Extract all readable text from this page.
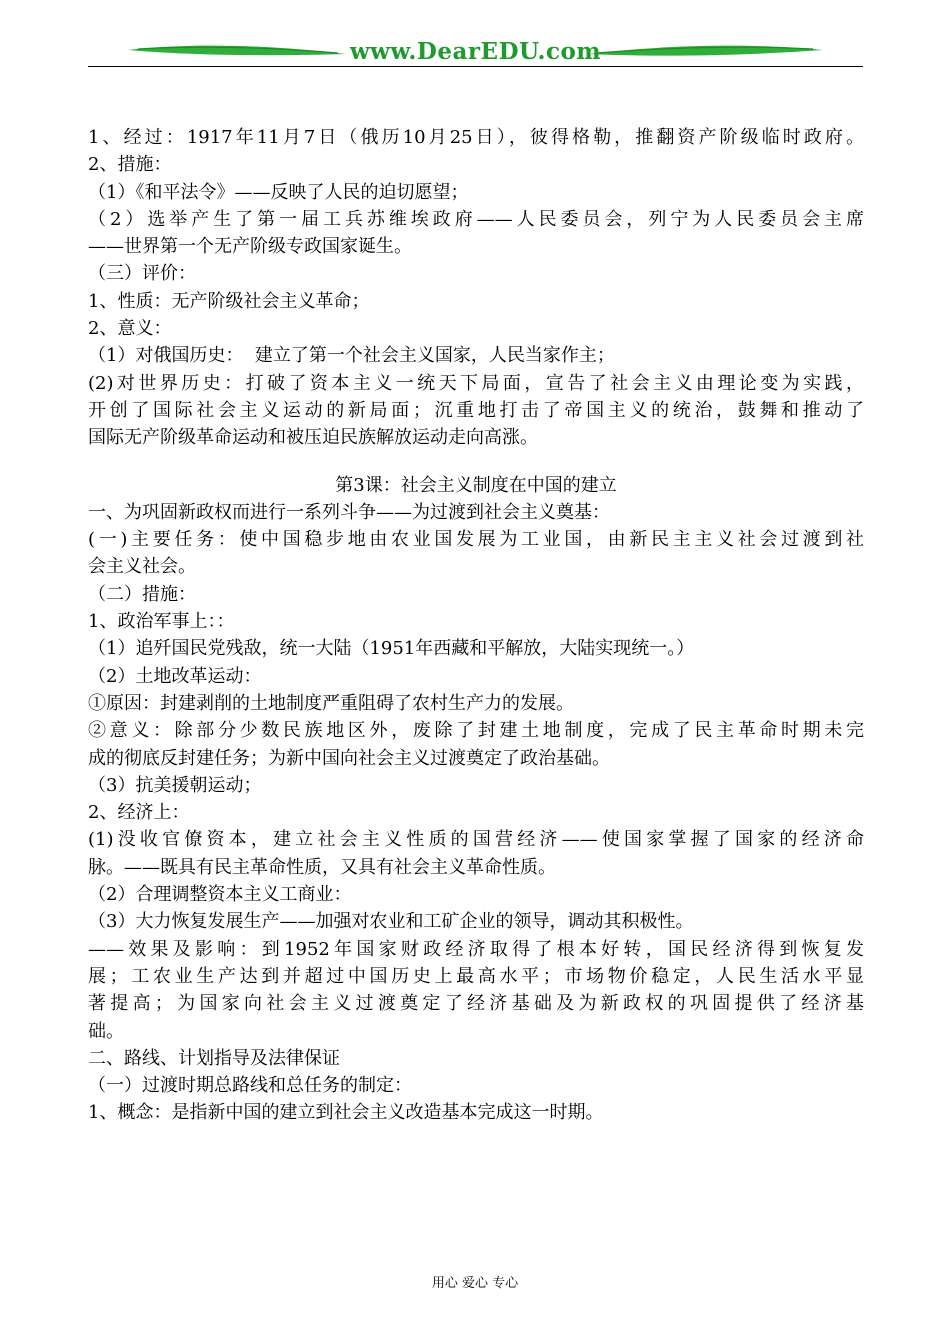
www.DearEDU.com
1、经过：1917年11月7日（俄历10月25日），彼得格勒，推翻资产阶级临时政府。
2、措施：
（1）《和平法令》——反映了人民的迫切愿望；
（2）选举产生了第一届工兵苏维埃政府——人民委员会，列宁为人民委员会主席
——世界第一个无产阶级专政国家诞生。
（三）评价：
1、性质：无产阶级社会主义革命；
2、意义：
（1）对俄国历史：  建立了第一个社会主义国家，人民当家作主；
(2)对世界历史：打破了资本主义一统天下局面，宣告了社会主义由理论变为实践，
开创了国际社会主义运动的新局面；沉重地打击了帝国主义的统治，鼓舞和推动了
国际无产阶级革命运动和被压迫民族解放运动走向高涨。
第3课：社会主义制度在中国的建立
一、为巩固新政权而进行一系列斗争——为过渡到社会主义奠基：
(一)主要任务：使中国稳步地由农业国发展为工业国，由新民主主义社会过渡到社
会主义社会。
（二）措施：
1、政治军事上：：
（1）追歼国民党残敌，统一大陆（1951年西藏和平解放，大陆实现统一。）
（2）土地改革运动：
①原因：封建剥削的土地制度严重阻碍了农村生产力的发展。
②意义：除部分少数民族地区外，废除了封建土地制度，完成了民主革命时期未完
成的彻底反封建任务；为新中国向社会主义过渡奠定了政治基础。
（3）抗美援朝运动；
2、经济上：
(1)没收官僚资本，建立社会主义性质的国营经济——使国家掌握了国家的经济命
脉。——既具有民主革命性质，又具有社会主义革命性质。
（2）合理调整资本主义工商业：
（3）大力恢复发展生产——加强对农业和工矿企业的领导，调动其积极性。
——效果及影响：到1952年国家财政经济取得了根本好转，国民经济得到恢复发
展；工农业生产达到并超过中国历史上最高水平；市场物价稳定，人民生活水平显
著提高；为国家向社会主义过渡奠定了经济基础及为新政权的巩固提供了经济基
础。
二、路线、计划指导及法律保证
（一）过渡时期总路线和总任务的制定：
1、概念：是指新中国的建立到社会主义改造基本完成这一时期。
用心 爱心 专心
